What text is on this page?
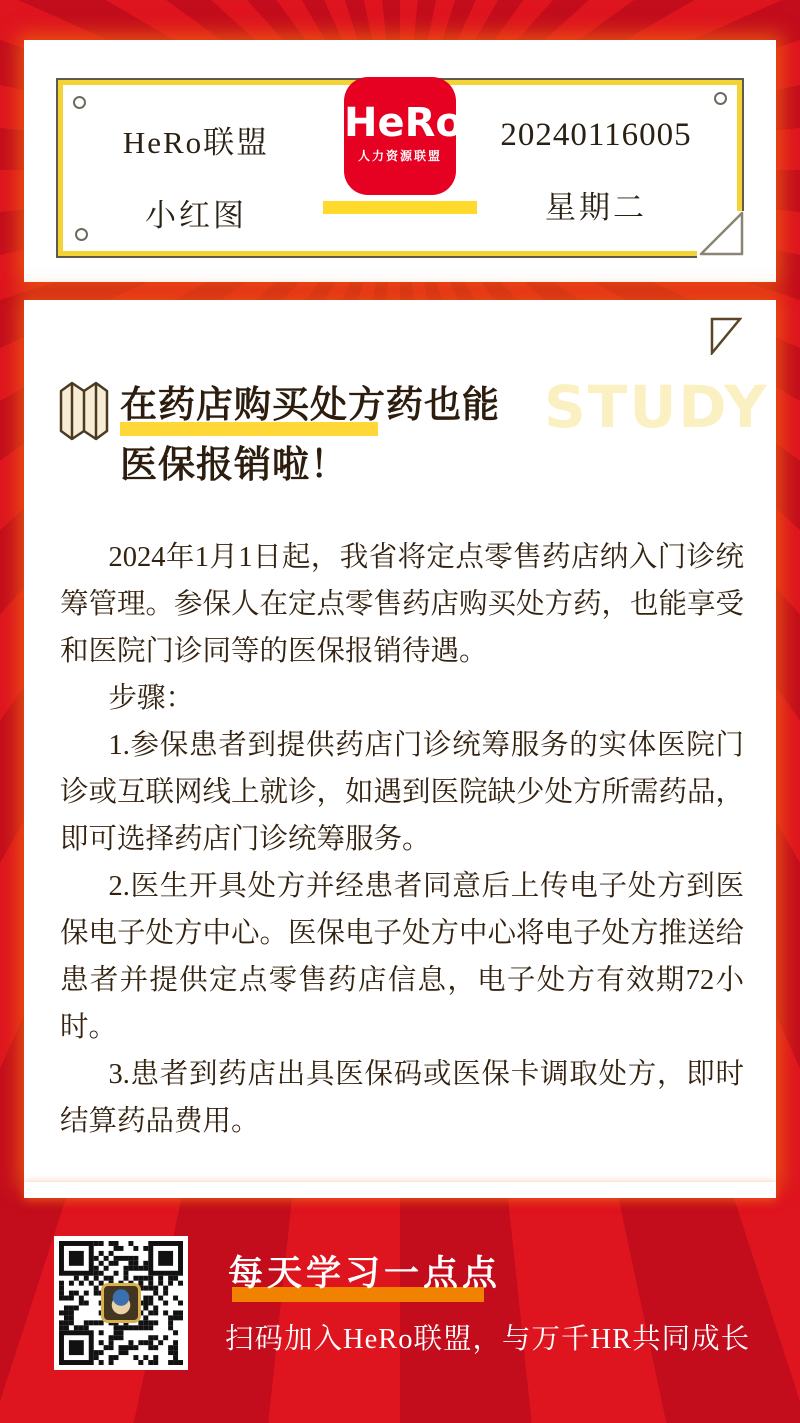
HeRo联盟
小红图
20240116005
星期二
HeRo
人力资源联盟
STUDY
在药店购买处方药也能
医保报销啦！

2024年1月1日起，我省将定点零售药店纳入门诊统筹管理。参保人在定点零售药店购买处方药，也能享受和医院门诊同等的医保报销待遇。

步骤：

1.参保患者到提供药店门诊统筹服务的实体医院门诊或互联网线上就诊，如遇到医院缺少处方所需药品，即可选择药店门诊统筹服务。

2.医生开具处方并经患者同意后上传电子处方到医保电子处方中心。医保电子处方中心将电子处方推送给患者并提供定点零售药店信息，电子处方有效期72小时。

3.患者到药店出具医保码或医保卡调取处方，即时结算药品费用。

每天学习一点点
扫码加入HeRo联盟，与万千HR共同成长
